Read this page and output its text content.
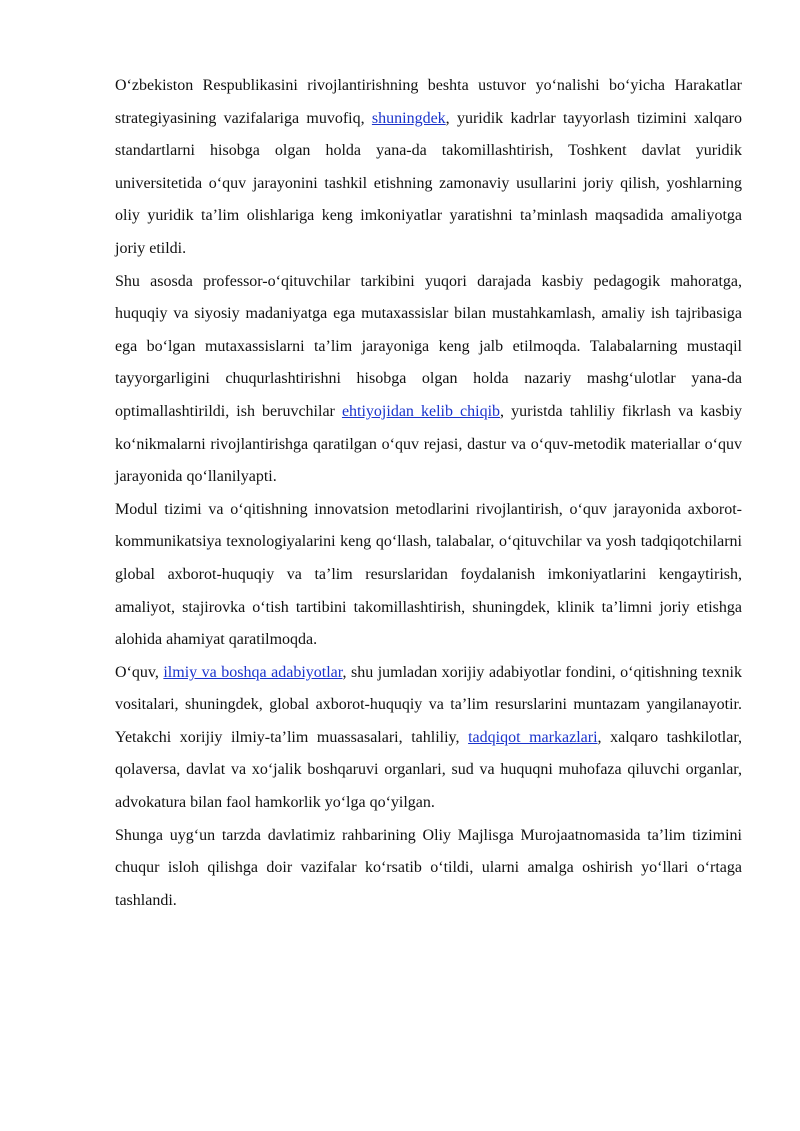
O‘zbekiston Respublikasini rivojlantirishning beshta ustuvor yo‘nalishi bo‘yicha Harakatlar strategiyasining vazifalariga muvofiq, shuningdek, yuridik kadrlar tayyorlash tizimini xalqaro standartlarni hisobga olgan holda yana-da takomillashtirish, Toshkent davlat yuridik universitetida o‘quv jarayonini tashkil etishning zamonaviy usullarini joriy qilish, yoshlarning oliy yuridik ta’lim olishlariga keng imkoniyatlar yaratishni ta’minlash maqsadida amaliyotga joriy etildi.

Shu asosda professor-o‘qituvchilar tarkibini yuqori darajada kasbiy pedagogik mahoratga, huquqiy va siyosiy madaniyatga ega mutaxassislar bilan mustahkamlash, amaliy ish tajribasiga ega bo‘lgan mutaxassislarni ta’lim jarayoniga keng jalb etilmoqda. Talabalarning mustaqil tayyorgarligini chuqurlashtirishni hisobga olgan holda nazariy mashg‘ulotlar yana-da optimallashtirildi, ish beruvchilar ehtiyojidan kelib chiqib, yuristda tahliliy fikrlash va kasbiy ko‘nikmalarni rivojlantirishga qaratilgan o‘quv rejasi, dastur va o‘quv-metodik materiallar o‘quv jarayonida qo‘llanilyapti.

Modul tizimi va o‘qitishning innovatsion metodlarini rivojlantirish, o‘quv jarayonida axborot-kommunikatsiya texnologiyalarini keng qo‘llash, talabalar, o‘qituvchilar va yosh tadqiqotchilarni global axborot-huquqiy va ta’lim resurslaridan foydalanish imkoniyatlarini kengaytirish, amaliyot, stajirovka o‘tish tartibini takomillashtirish, shuningdek, klinik ta’limni joriy etishga alohida ahamiyat qaratilmoqda.

O‘quv, ilmiy va boshqa adabiyotlar, shu jumladan xorijiy adabiyotlar fondini, o‘qitishning texnik vositalari, shuningdek, global axborot-huquqiy va ta’lim resurslarini muntazam yangilanayotir. Yetakchi xorijiy ilmiy-ta’lim muassasalari, tahliliy, tadqiqot markazlari, xalqaro tashkilotlar, qolaversa, davlat va xo‘jalik boshqaruvi organlari, sud va huquqni muhofaza qiluvchi organlar, advokatura bilan faol hamkorlik yo‘lga qo‘yilgan.

Shunga uyg‘un tarzda davlatimiz rahbarining Oliy Majlisga Murojaatnomasida ta’lim tizimini chuqur isloh qilishga doir vazifalar ko‘rsatib o‘tildi, ularni amalga oshirish yo‘llari o‘rtaga tashlandi.
